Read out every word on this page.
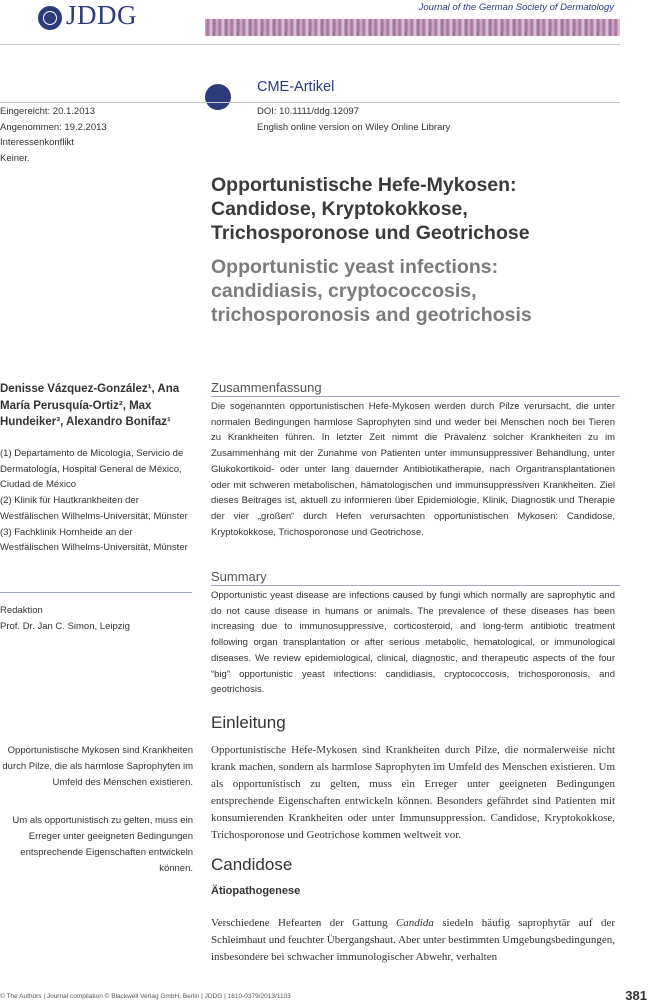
JDDG	Journal of the German Society of Dermatology
CME-Artikel
Eingereicht: 20.1.2013
Angenommen: 19.2.2013
Interessenkonflikt
Keiner.
DOI: 10.1111/ddg.12097
English online version on Wiley Online Library
Opportunistische Hefe-Mykosen:
Candidose, Kryptokokkose,
Trichosporonose und Geotrichose
Opportunistic yeast infections:
candidiasis, cryptococcosis,
trichosporonosis and geotrichosis
Denisse Vázquez-González¹, Ana María Perusquía-Ortiz², Max Hundeiker³, Alexandro Bonifaz¹
(1) Departamento de Micología, Servicio de Dermatología, Hospital General de México, Ciudad de México
(2) Klinik für Hautkrankheiten der Westfälischen Wilhelms-Universität, Münster
(3) Fachklinik Hornheide an der Westfälischen Wilhelms-Universität, Münster
Redaktion
Prof. Dr. Jan C. Simon, Leipzig
Opportunistische Mykosen sind Krankheiten durch Pilze, die als harmlose Saprophyten im Umfeld des Menschen existieren.
Um als opportunistisch zu gelten, muss ein Erreger unter geeigneten Bedingungen entsprechende Eigenschaften entwickeln können.
Zusammenfassung

Die sogenannten opportunistischen Hefe-Mykosen werden durch Pilze verursacht, die unter normalen Bedingungen harmlose Saprophyten sind und weder bei Menschen noch bei Tieren zu Krankheiten führen. In letzter Zeit nimmt die Prävalenz solcher Krankheiten zu im Zusammenhang mit der Zunahme von Patienten unter immunsuppressiver Behandlung, unter Glukokortikoid- oder unter lang dauernder Antibiotikatherapie, nach Organtransplantationen oder mit schweren metabolischen, hämatologischen und immunsuppressiven Krankheiten. Ziel dieses Beitrages ist, aktuell zu informieren über Epidemiologie, Klinik, Diagnostik und Therapie der vier „großen“ durch Hefen verursachten opportunistischen Mykosen: Candidose, Kryptokokkose, Trichosporonose und Geotrichose.

Summary

Opportunistic yeast disease are infections caused by fungi which normally are saprophytic and do not cause disease in humans or animals. The prevalence of these diseases has been increasing due to immunosuppressive, corticosteroid, and long-term antibiotic treatment following organ transplantation or after serious metabolic, hematological, or immunological diseases. We review epidemiological, clinical, diagnostic, and therapeutic aspects of the four “big” opportunistic yeast infections: candidiasis, cryptococcosis, trichosporonosis, and geotrichosis.

Einleitung

Opportunistische Hefe-Mykosen sind Krankheiten durch Pilze, die normalerweise nicht krank machen, sondern als harmlose Saprophyten im Umfeld des Menschen existieren. Um als opportunistisch zu gelten, muss ein Erreger unter geeigneten Bedingungen entsprechende Eigenschaften entwickeln können. Besonders gefährdet sind Patienten mit konsumierenden Krankheiten oder unter Immunsuppression. Candidose, Kryptokokkose, Trichosporonose und Geotrichose kommen weltweit vor.

Candidose
Ätiopathogenese

Verschiedene Hefearten der Gattung Candida siedeln häufig saprophytär auf der Schleimhaut und feuchter Übergangshaut. Aber unter bestimmten Umgebungsbedingungen, insbesondere bei schwacher immunologischer Abwehr, verhalten

© The Authors | Journal compilation © Blackwell Verlag GmbH, Berlin | JDDG | 1610-0379/2013/1103	381
